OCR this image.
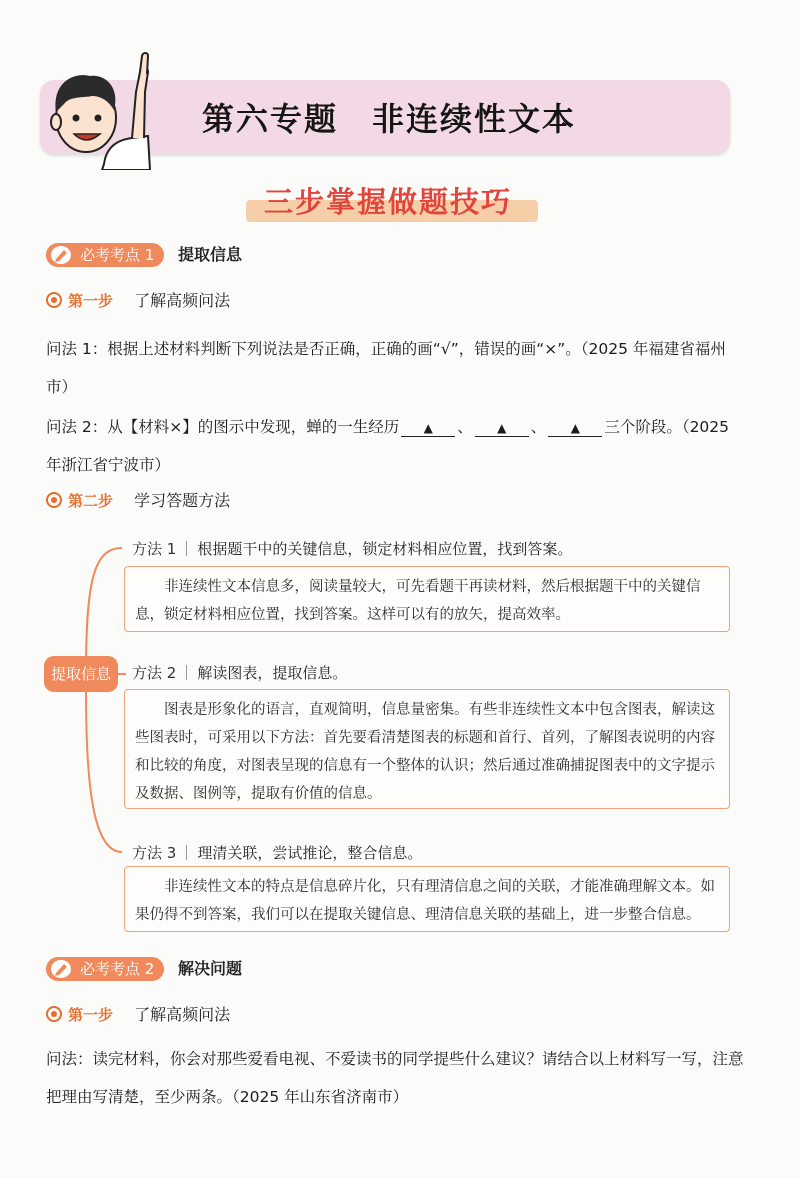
第六专题　非连续性文本
三步掌握做题技巧
必考考点 1	提取信息
第一步 了解高频问法
问法 1：根据上述材料判断下列说法是否正确，正确的画“√”，错误的画“×”。（2025 年福建省福州市）
问法 2：从【材料×】的图示中发现，蝉的一生经历 ▲ 、 ▲ 、 ▲ 三个阶段。（2025 年浙江省宁波市）
第二步 学习答题方法
提取信息
方法 1 根据题干中的关键信息，锁定材料相应位置，找到答案。

非连续性文本信息多，阅读量较大，可先看题干再读材料，然后根据题干中的关键信息，锁定材料相应位置，找到答案。这样可以有的放矢，提高效率。

方法 2 解读图表，提取信息。

图表是形象化的语言，直观简明，信息量密集。有些非连续性文本中包含图表，解读这些图表时，可采用以下方法：首先要看清楚图表的标题和首行、首列，了解图表说明的内容和比较的角度，对图表呈现的信息有一个整体的认识；然后通过准确捕捉图表中的文字提示及数据、图例等，提取有价值的信息。

方法 3 理清关联，尝试推论，整合信息。

非连续性文本的特点是信息碎片化，只有理清信息之间的关联，才能准确理解文本。如果仍得不到答案，我们可以在提取关键信息、理清信息关联的基础上，进一步整合信息。

必考考点 2	解决问题
第一步 了解高频问法
问法：读完材料，你会对那些爱看电视、不爱读书的同学提些什么建议？请结合以上材料写一写，注意把理由写清楚，至少两条。（2025 年山东省济南市）
